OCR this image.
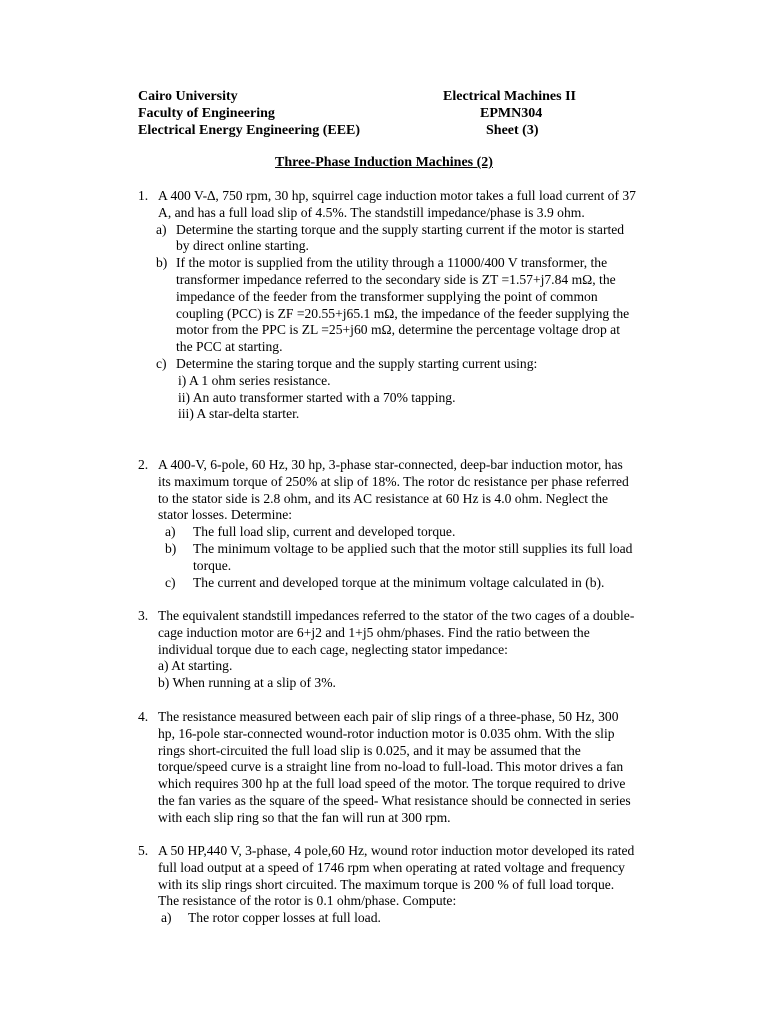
Cairo University	Electrical Machines II
Faculty of Engineering	EPMN304
Electrical Energy Engineering (EEE)	Sheet (3)
Three-Phase Induction Machines (2)
1. A 400 V-∆, 750 rpm, 30 hp, squirrel cage induction motor takes a full load current of 37 A, and has a full load slip of 4.5%. The standstill impedance/phase is 3.9 ohm.
a) Determine the starting torque and the supply starting current if the motor is started by direct online starting.
b) If the motor is supplied from the utility through a 11000/400 V transformer, the transformer impedance referred to the secondary side is ZT =1.57+j7.84 mΩ, the impedance of the feeder from the transformer supplying the point of common coupling (PCC) is ZF =20.55+j65.1 mΩ, the impedance of the feeder supplying the motor from the PPC is ZL =25+j60 mΩ, determine the percentage voltage drop at the PCC at starting.
c) Determine the staring torque and the supply starting current using:
i) A 1 ohm series resistance.
ii) An auto transformer started with a 70% tapping.
iii) A star-delta starter.
2. A 400-V, 6-pole, 60 Hz, 30 hp, 3-phase star-connected, deep-bar induction motor, has its maximum torque of 250% at slip of 18%. The rotor dc resistance per phase referred to the stator side is 2.8 ohm, and its AC resistance at 60 Hz is 4.0 ohm. Neglect the stator losses. Determine:
a) The full load slip, current and developed torque.
b) The minimum voltage to be applied such that the motor still supplies its full load torque.
c) The current and developed torque at the minimum voltage calculated in (b).
3. The equivalent standstill impedances referred to the stator of the two cages of a double-cage induction motor are 6+j2 and 1+j5 ohm/phases. Find the ratio between the individual torque due to each cage, neglecting stator impedance:
a) At starting.
b) When running at a slip of 3%.
4. The resistance measured between each pair of slip rings of a three-phase, 50 Hz, 300 hp, 16-pole star-connected wound-rotor induction motor is 0.035 ohm. With the slip rings short-circuited the full load slip is 0.025, and it may be assumed that the torque/speed curve is a straight line from no-load to full-load. This motor drives a fan which requires 300 hp at the full load speed of the motor. The torque required to drive the fan varies as the square of the speed- What resistance should be connected in series with each slip ring so that the fan will run at 300 rpm.
5. A 50 HP,440 V, 3-phase, 4 pole,60 Hz, wound rotor induction motor developed its rated full load output at a speed of 1746 rpm when operating at rated voltage and frequency with its slip rings short circuited. The maximum torque is 200 % of full load torque. The resistance of the rotor is 0.1 ohm/phase. Compute:
a) The rotor copper losses at full load.
